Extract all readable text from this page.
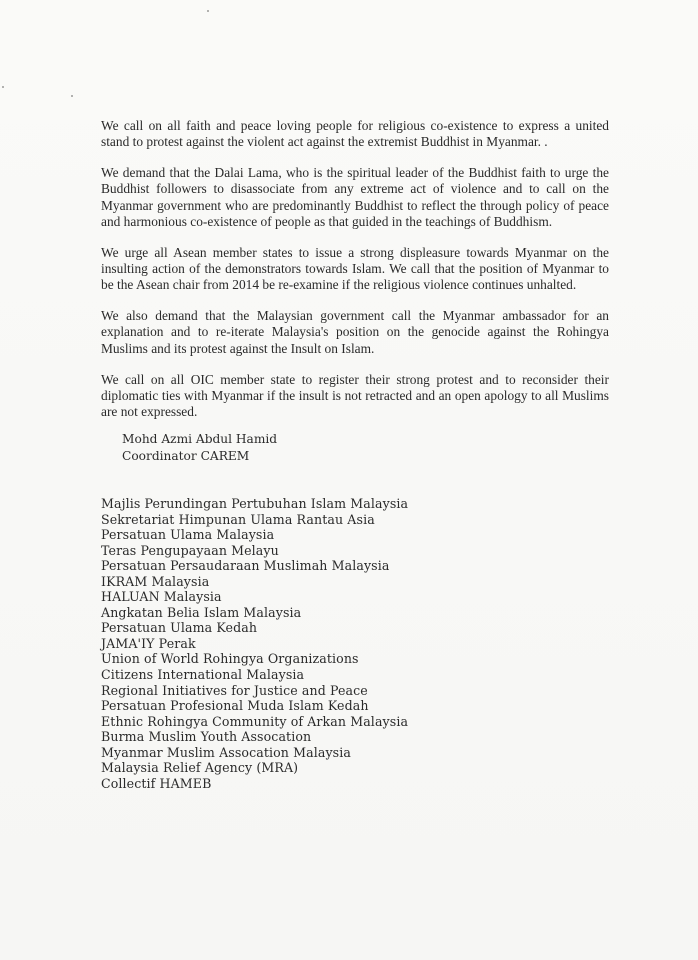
We call on all faith and peace loving people for religious co-existence to express a united stand to protest against the violent act against the extremist Buddhist in Myanmar. .

We demand that the Dalai Lama, who is the spiritual leader of the Buddhist faith to urge the Buddhist followers to disassociate from any extreme act of violence and to call on the Myanmar government who are predominantly Buddhist to reflect the through policy of peace and harmonious co-existence of people as that guided in the teachings of Buddhism.

We urge all Asean member states to issue a strong displeasure towards Myanmar on the insulting action of the demonstrators towards Islam. We call that the position of Myanmar to be the Asean chair from 2014 be re-examine if the religious violence continues unhalted.

We also demand that the Malaysian government call the Myanmar ambassador for an explanation and to re-iterate Malaysia's position on the genocide against the Rohingya Muslims and its protest against the Insult on Islam.

We call on all OIC member state to register their strong protest and to reconsider their diplomatic ties with Myanmar if the insult is not retracted and an open apology to all Muslims are not expressed.

Mohd Azmi Abdul Hamid
Coordinator CAREM
Majlis Perundingan Pertubuhan Islam Malaysia
Sekretariat Himpunan Ulama Rantau Asia
Persatuan Ulama Malaysia
Teras Pengupayaan Melayu
Persatuan Persaudaraan Muslimah Malaysia
IKRAM Malaysia
HALUAN Malaysia
Angkatan Belia Islam Malaysia
Persatuan Ulama Kedah
JAMA'IY Perak
Union of World Rohingya Organizations
Citizens International Malaysia
Regional Initiatives for Justice and Peace
Persatuan Profesional Muda Islam Kedah
Ethnic Rohingya Community of Arkan Malaysia
Burma Muslim Youth Assocation
Myanmar Muslim Assocation Malaysia
Malaysia Relief Agency (MRA)
Collectif HAMEB
